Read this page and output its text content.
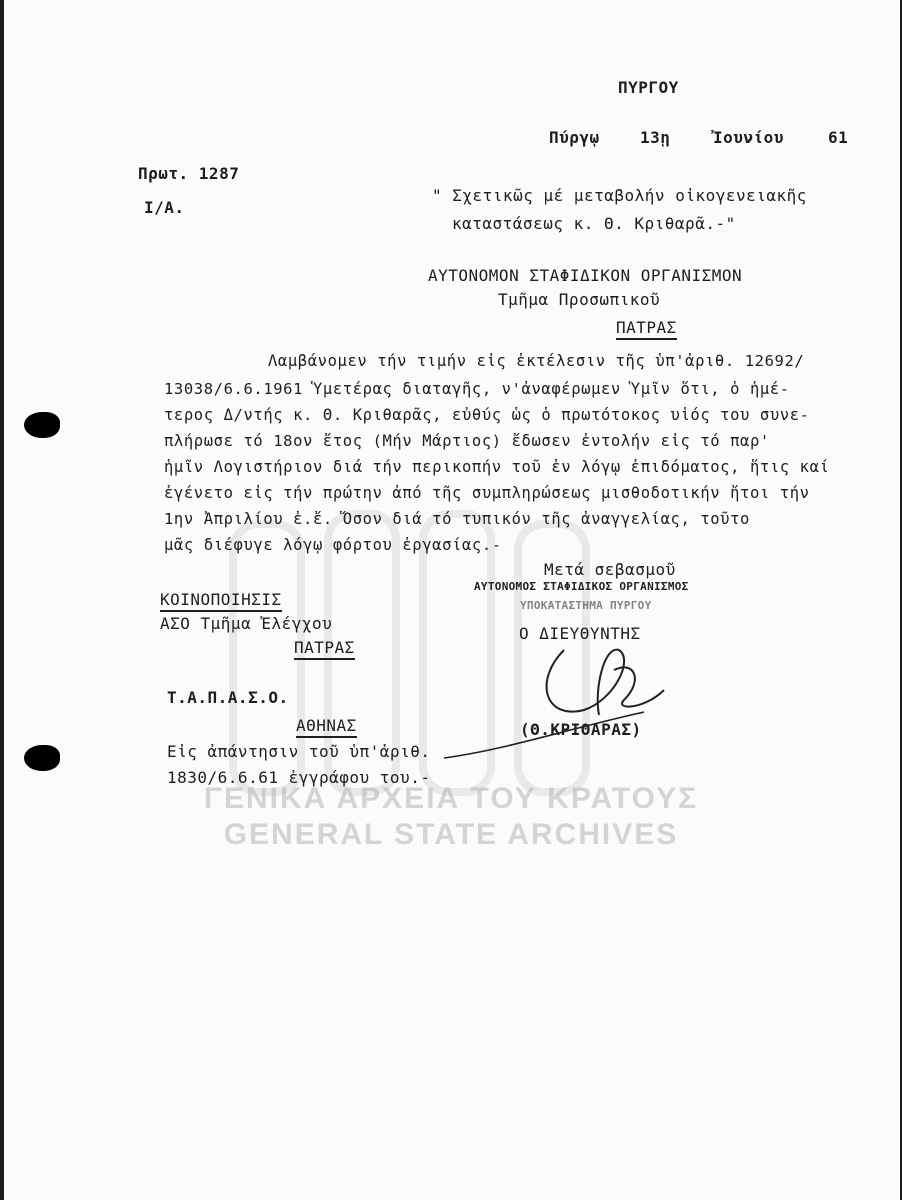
ΠΥΡΓΟΥ
Πύργῳ	13ῃ	Ἰουνίου	61
Πρωτ. 1287
Ι/Α.
" Σχετικῶς μέ μεταβολήν οἰκογενειακῆς
καταστάσεως κ. Θ. Κριθαρᾶ.-"
ΑΥΤΟΝΟΜΟΝ ΣΤΑΦΙΔΙΚΟΝ ΟΡΓΑΝΙΣΜΟΝ
Τμῆμα Προσωπικοῦ
ΠΑΤΡΑΣ
Λαμβάνομεν τήν τιμήν εἰς ἐκτέλεσιν τῆς ὑπ'ἀριθ. 12692/
13038/6.6.1961 Ὑμετέρας διαταγῆς, ν'ἀναφέρωμεν Ὑμῖν ὅτι, ὁ ἡμέ-
τερος Δ/ντής κ. Θ. Κριθαρᾶς, εὐθύς ὡς ὁ πρωτότοκος υἱός του συνε-
πλήρωσε τό 18ον ἔτος (Μήν Μάρτιος) ἔδωσεν ἐντολήν εἰς τό παρ'
ἡμῖν Λογιστήριον διά τήν περικοπήν τοῦ ἐν λόγῳ ἐπιδόματος, ἥτις καί
ἐγένετο εἰς τήν πρώτην ἀπό τῆς συμπληρώσεως μισθοδοτικήν ἤτοι τήν
1ην Ἀπριλίου ἐ.ἔ. Ὅσον διά τό τυπικόν τῆς ἀναγγελίας, τοῦτο
μᾶς διέφυγε λόγῳ φόρτου ἐργασίας.-
Μετά σεβασμοῦ
ΑΥΤΟΝΟΜΟΣ ΣΤΑΦΙΔΙΚΟΣ ΟΡΓΑΝΙΣΜΟΣ
ΥΠΟΚΑΤΑΣΤΗΜΑ ΠΥΡΓΟΥ
Ο ΔΙΕΥΘΥΝΤΗΣ
(Θ.ΚΡΙΘΑΡΑΣ)
ΚΟΙΝΟΠΟΙΗΣΙΣ
ΑΣΟ Τμῆμα Ἐλέγχου
ΠΑΤΡΑΣ
Τ.Α.Π.Α.Σ.Ο.
ΑΘΗΝΑΣ
Εἰς ἀπάντησιν τοῦ ὑπ'ἀριθ.
1830/6.6.61 ἐγγράφου του.-
ΓΕΝΙΚΑ ΑΡΧΕΙΑ ΤΟΥ ΚΡΑΤΟΥΣ
GENERAL STATE ARCHIVES
